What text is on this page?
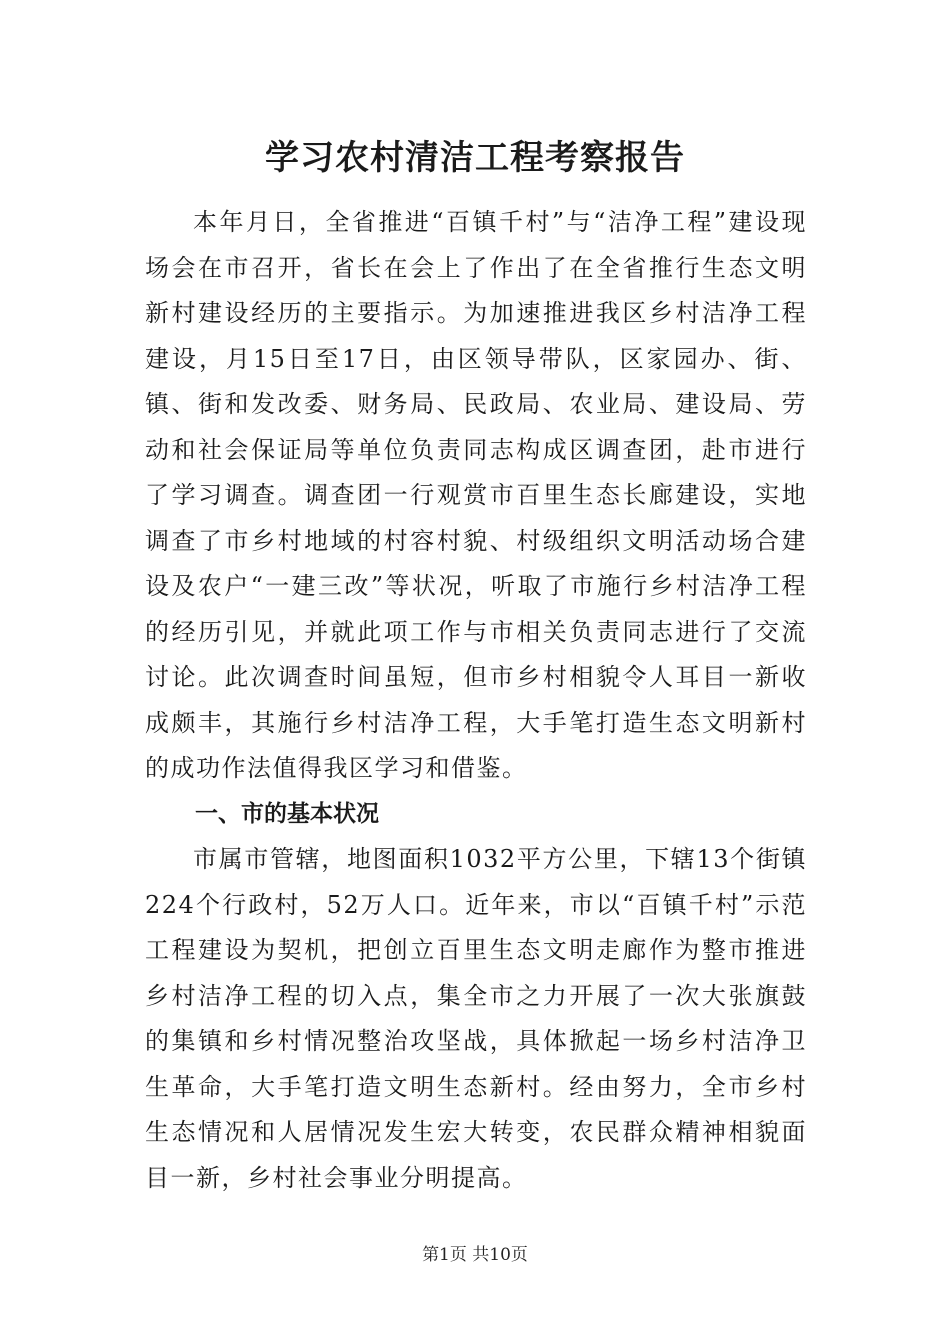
学习农村清洁工程考察报告

本年月日，全省推进“百镇千村”与“洁净工程”建设现场会在市召开，省长在会上了作出了在全省推行生态文明新村建设经历的主要指示。为加速推进我区乡村洁净工程建设，月15日至17日，由区领导带队，区家园办、街、镇、街和发改委、财务局、民政局、农业局、建设局、劳动和社会保证局等单位负责同志构成区调查团，赴市进行了学习调查。调查团一行观赏市百里生态长廊建设，实地调查了市乡村地域的村容村貌、村级组织文明活动场合建设及农户“一建三改”等状况，听取了市施行乡村洁净工程的经历引见，并就此项工作与市相关负责同志进行了交流讨论。此次调查时间虽短，但市乡村相貌令人耳目一新收成颇丰，其施行乡村洁净工程，大手笔打造生态文明新村的成功作法值得我区学习和借鉴。

一、市的基本状况

市属市管辖，地图面积1032平方公里，下辖13个街镇224个行政村，52万人口。近年来，市以“百镇千村”示范工程建设为契机，把创立百里生态文明走廊作为整市推进乡村洁净工程的切入点，集全市之力开展了一次大张旗鼓的集镇和乡村情况整治攻坚战，具体掀起一场乡村洁净卫生革命，大手笔打造文明生态新村。经由努力，全市乡村生态情况和人居情况发生宏大转变，农民群众精神相貌面目一新，乡村社会事业分明提高。

第1页 共10页
